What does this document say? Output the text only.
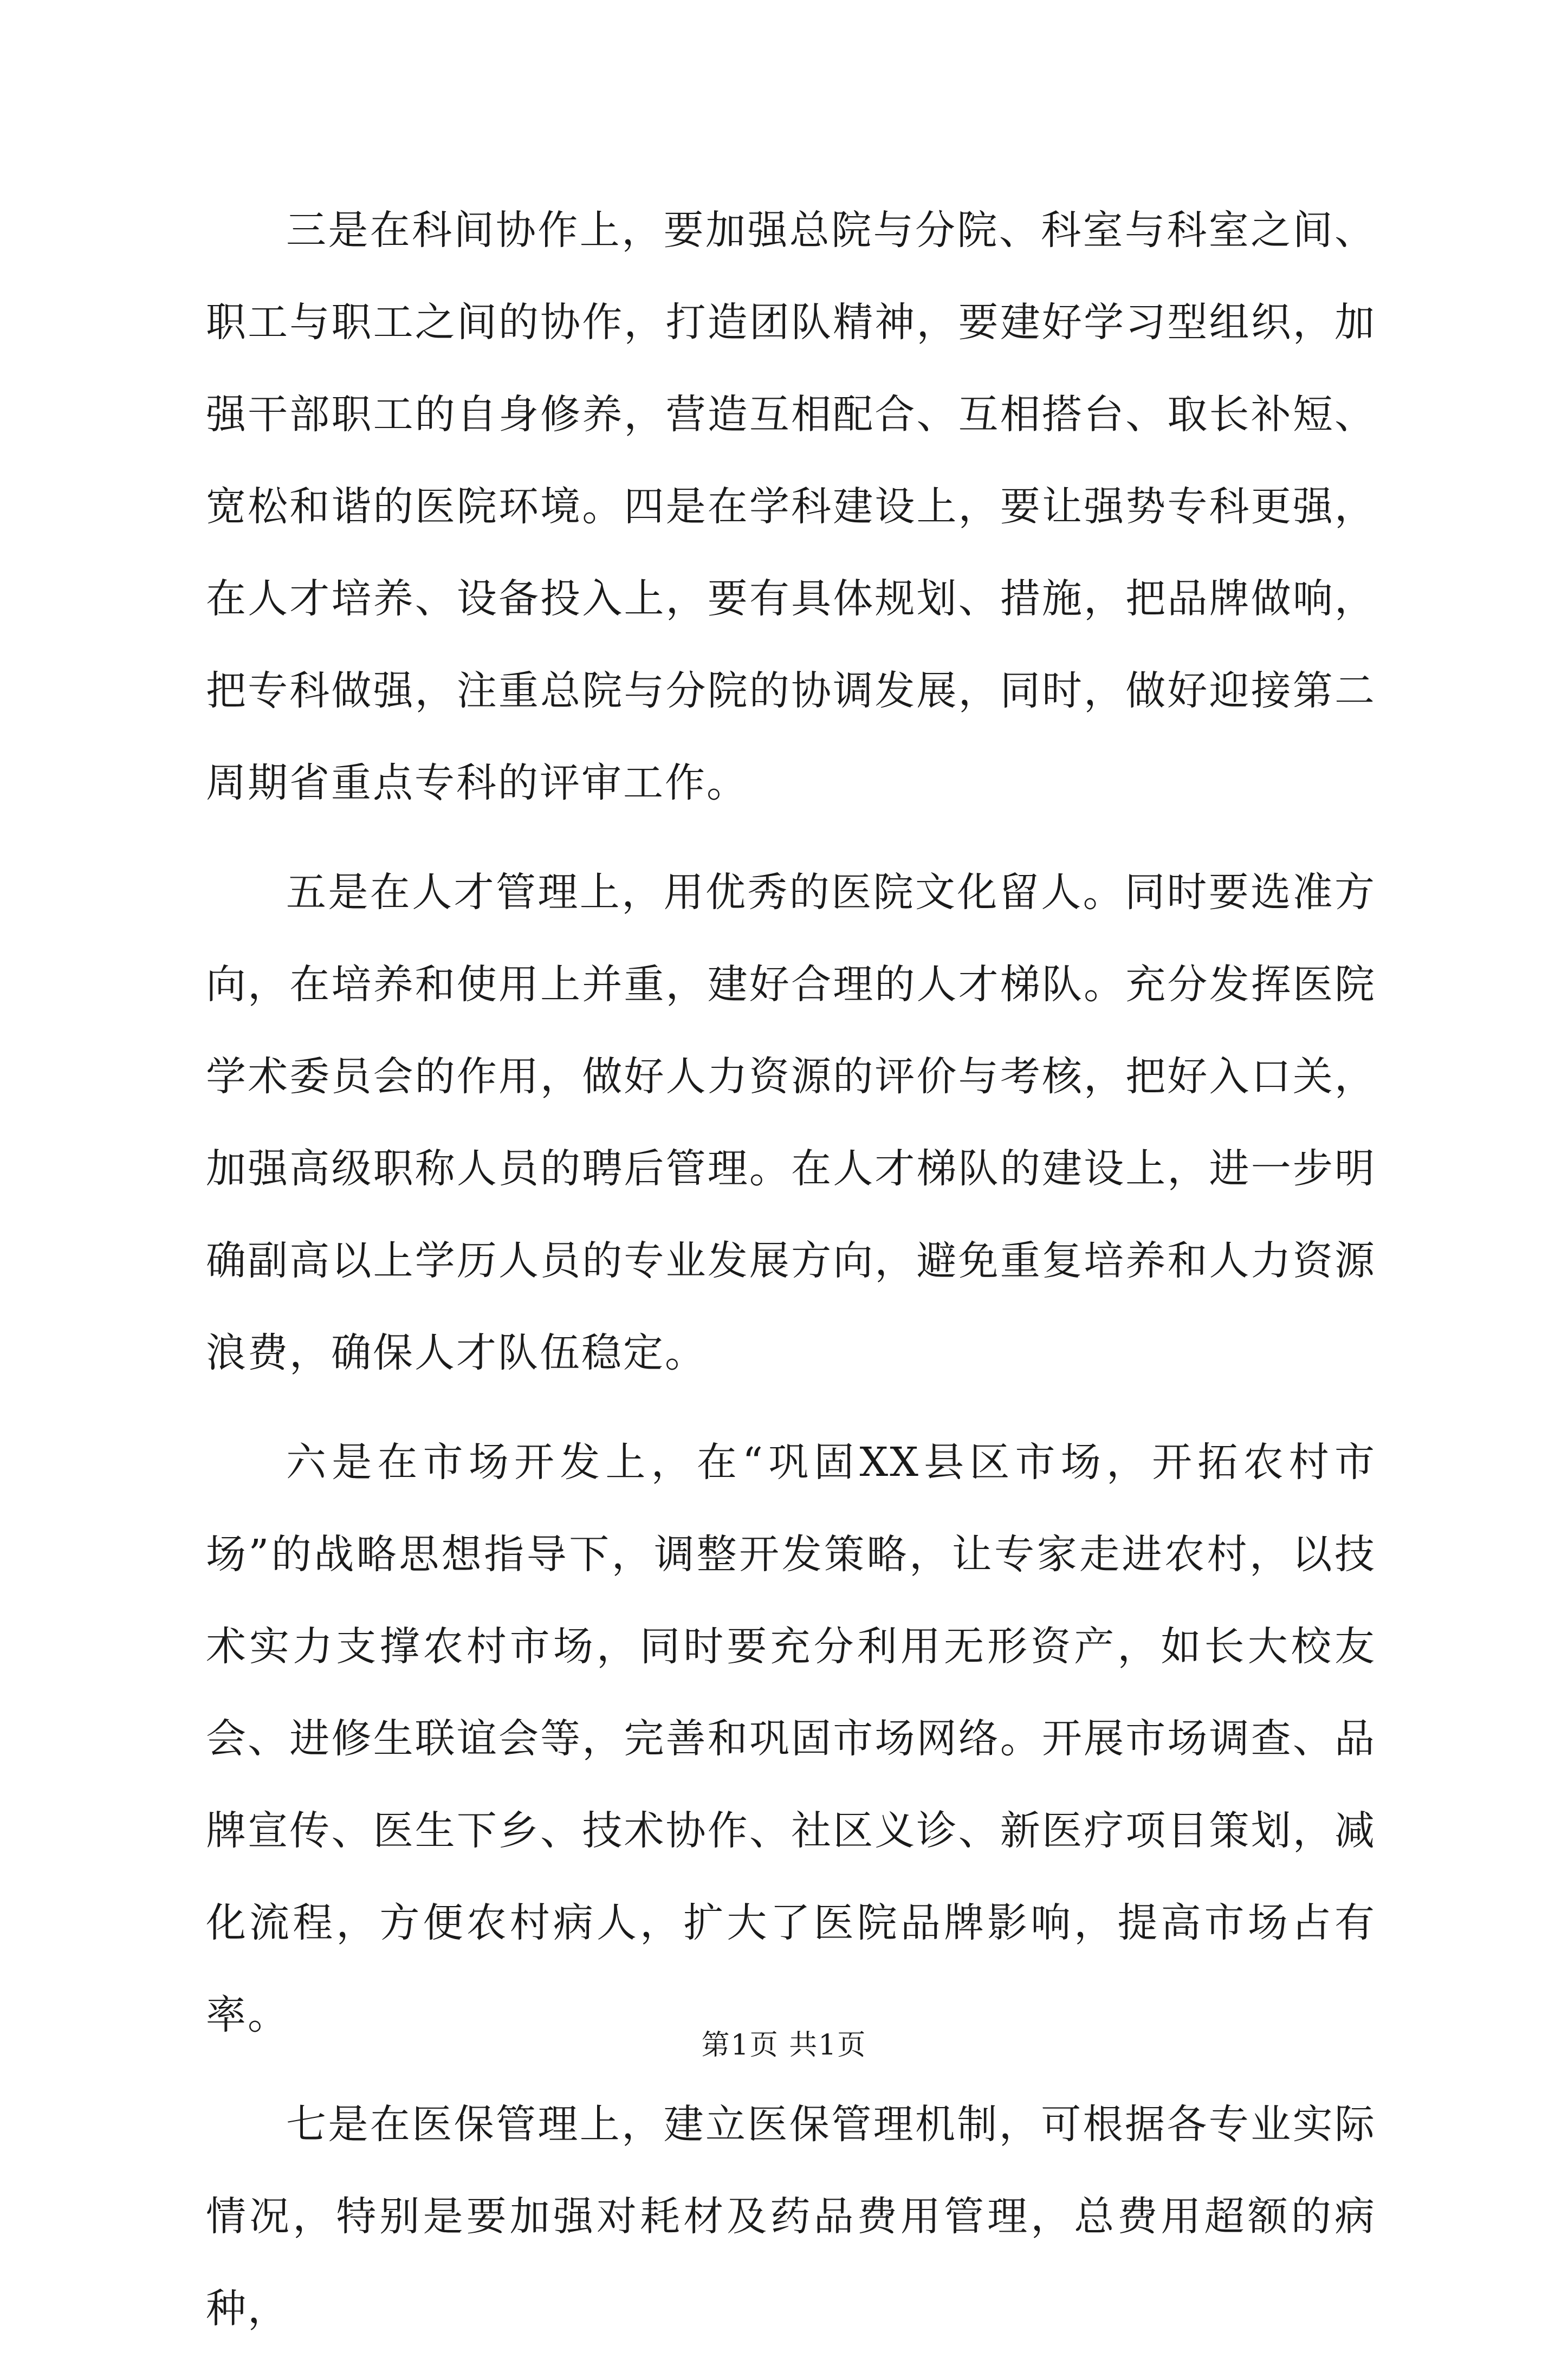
三是在科间协作上，要加强总院与分院、科室与科室之间、职工与职工之间的协作，打造团队精神，要建好学习型组织，加强干部职工的自身修养，营造互相配合、互相搭台、取长补短、宽松和谐的医院环境。四是在学科建设上，要让强势专科更强，在人才培养、设备投入上，要有具体规划、措施，把品牌做响，把专科做强，注重总院与分院的协调发展，同时，做好迎接第二周期省重点专科的评审工作。

五是在人才管理上，用优秀的医院文化留人。同时要选准方向，在培养和使用上并重，建好合理的人才梯队。充分发挥医院学术委员会的作用，做好人力资源的评价与考核，把好入口关，加强高级职称人员的聘后管理。在人才梯队的建设上，进一步明确副高以上学历人员的专业发展方向，避免重复培养和人力资源浪费，确保人才队伍稳定。

六是在市场开发上，在“巩固XX县区市场，开拓农村市场”的战略思想指导下，调整开发策略，让专家走进农村，以技术实力支撑农村市场，同时要充分利用无形资产，如长大校友会、进修生联谊会等，完善和巩固市场网络。开展市场调查、品牌宣传、医生下乡、技术协作、社区义诊、新医疗项目策划，减化流程，方便农村病人，扩大了医院品牌影响，提高市场占有率。

七是在医保管理上，建立医保管理机制，可根据各专业实际情况，特别是要加强对耗材及药品费用管理，总费用超额的病种，

第1页 共1页
